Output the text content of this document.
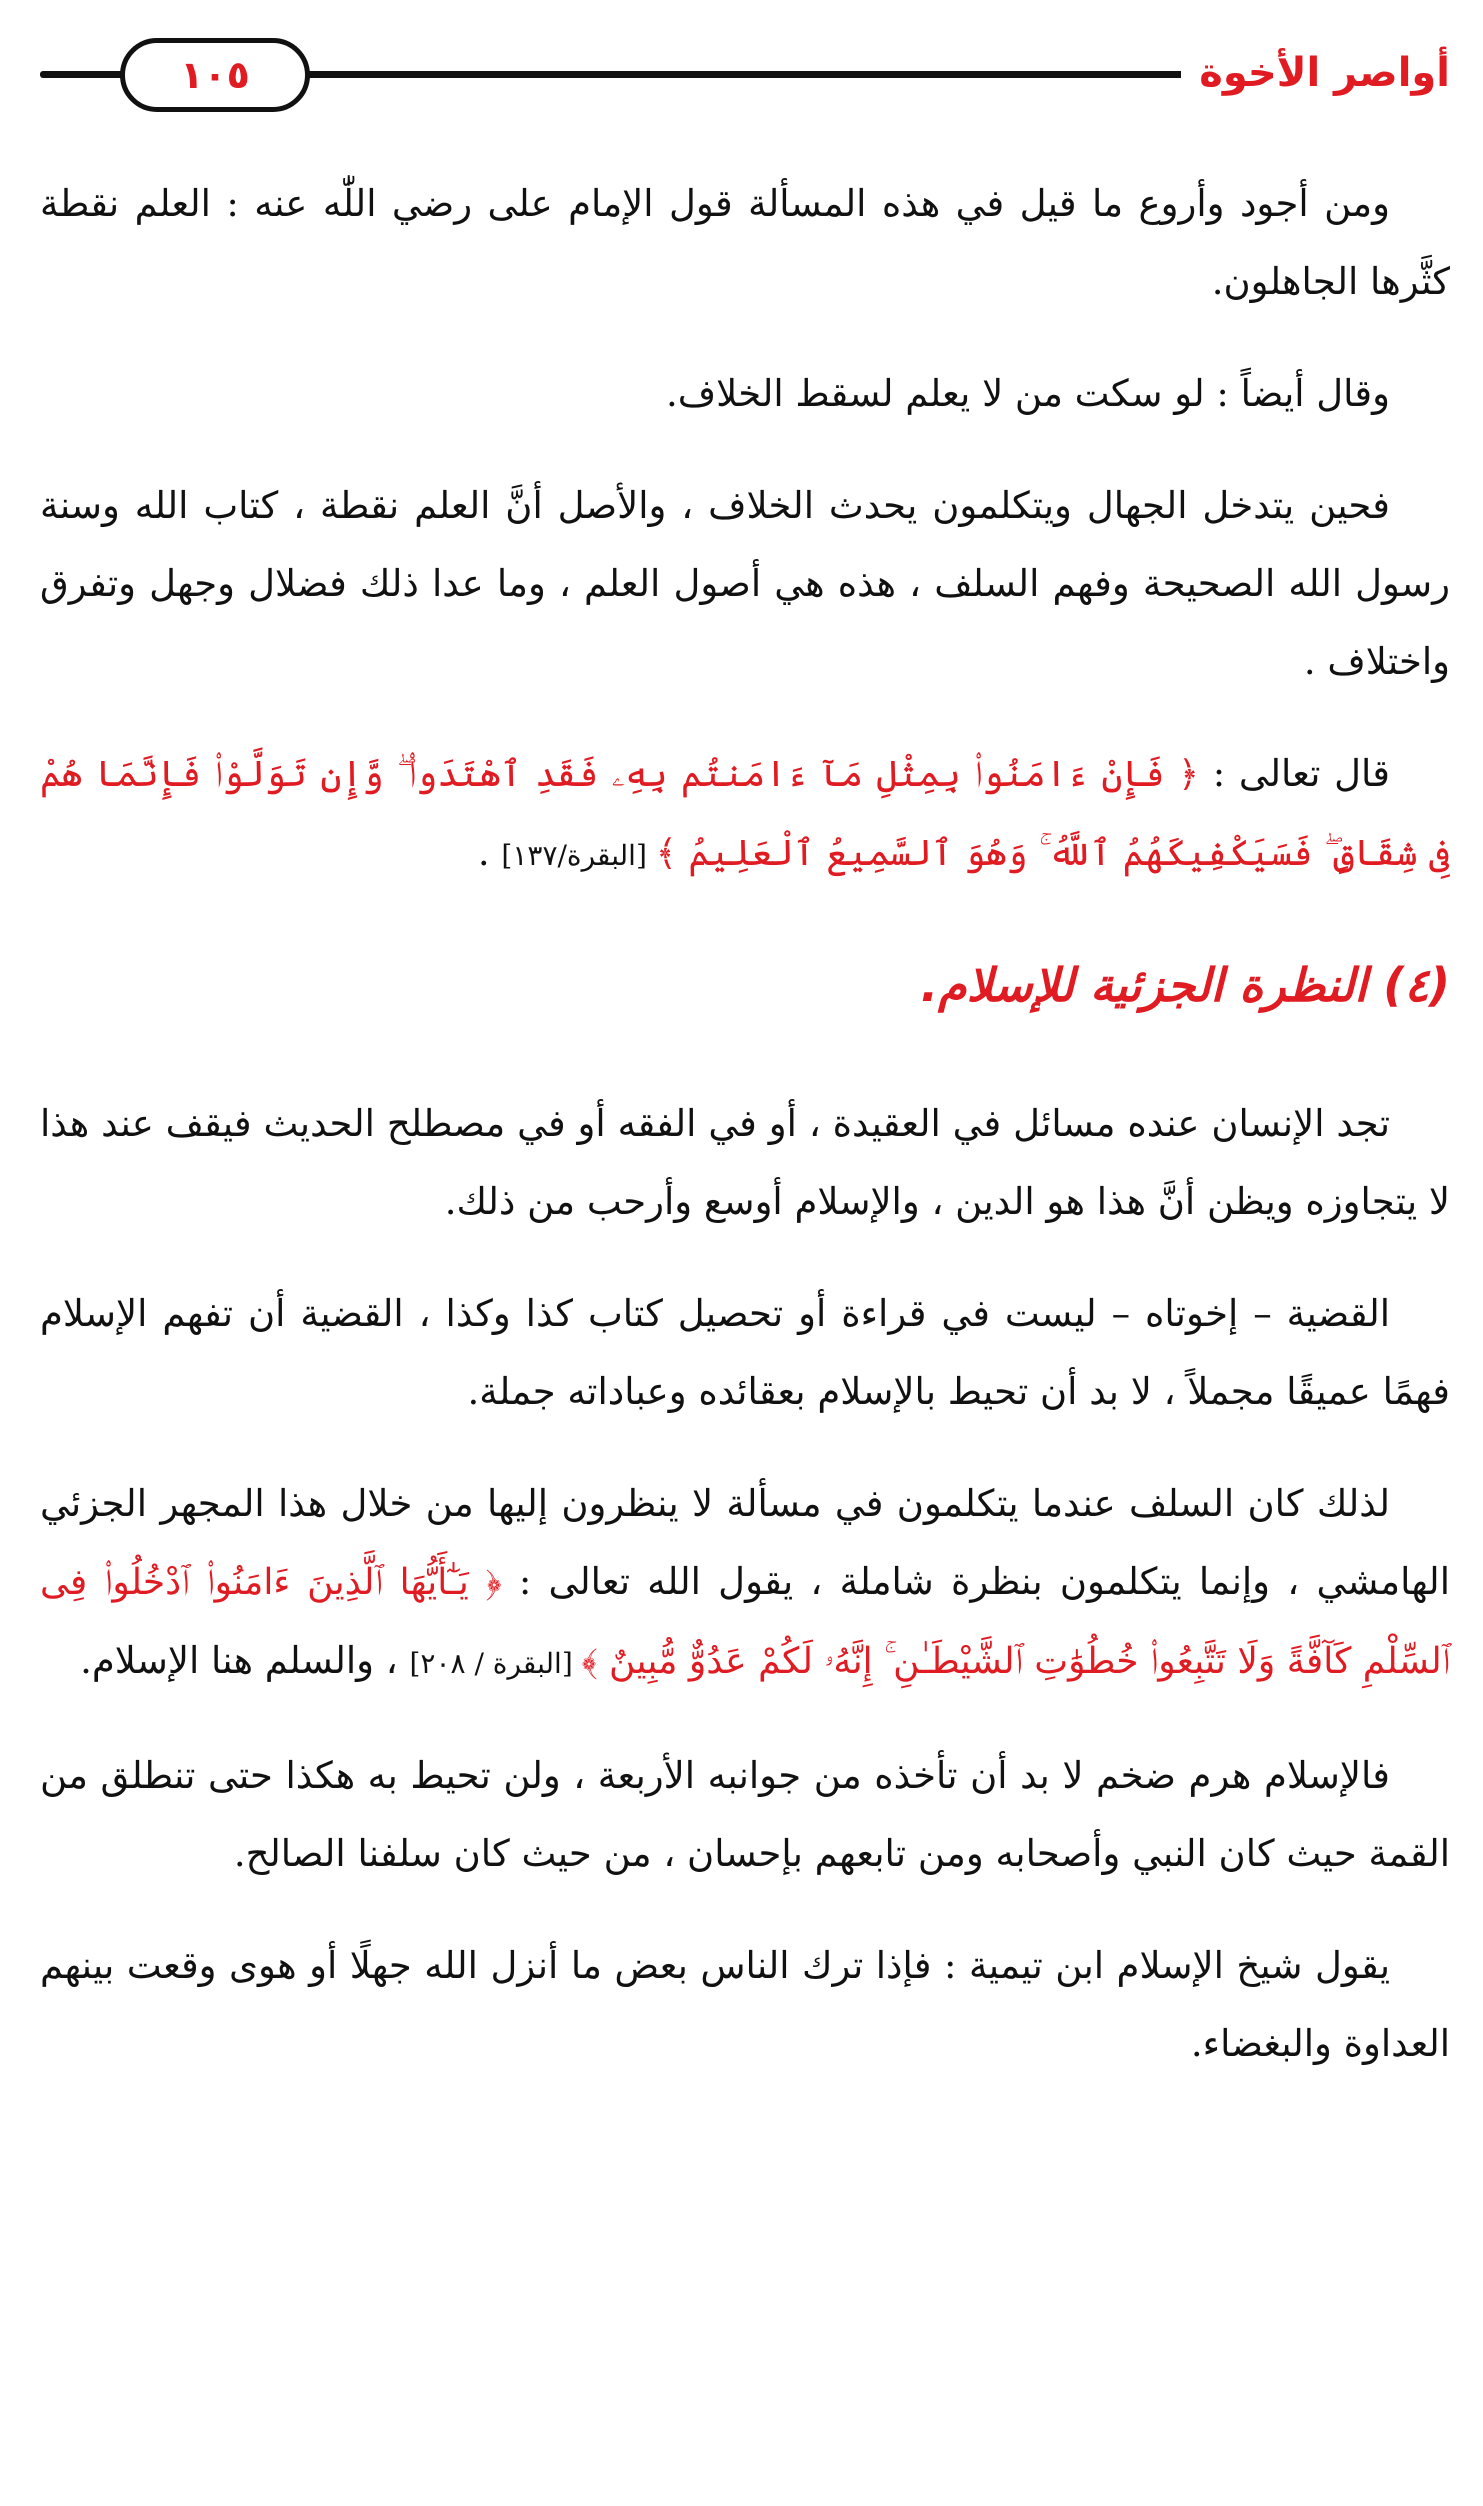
أواصر الأخوة
١٠٥

ومن أجود وأروع ما قيل في هذه المسألة قول الإمام على رضي اللّٰه عنه : العلم نقطة كثَّرها الجاهلون.

وقال أيضاً : لو سكت من لا يعلم لسقط الخلاف.

فحين يتدخل الجهال ويتكلمون يحدث الخلاف ، والأصل أنَّ العلم نقطة ، كتاب الله وسنة رسول الله الصحيحة وفهم السلف ، هذه هي أصول العلم ، وما عدا ذلك فضلال وجهل وتفرق واختلاف .

قال تعالى : ﴿ فَإِنْ ءَامَنُوا۟ بِمِثْلِ مَآ ءَامَنتُم بِهِۦ فَقَدِ ٱهْتَدَوا۟ ۖ وَّإِن تَوَلَّوْا۟ فَإِنَّمَا هُمْ فِى شِقَاقٍ ۖ فَسَيَكْفِيكَهُمُ ٱللَّهُ ۚ وَهُوَ ٱلسَّمِيعُ ٱلْعَلِيمُ ﴾ [البقرة/١٣٧] .

(٤) النظرة الجزئية للإسلام.

تجد الإنسان عنده مسائل في العقيدة ، أو في الفقه أو في مصطلح الحديث فيقف عند هذا لا يتجاوزه ويظن أنَّ هذا هو الدين ، والإسلام أوسع وأرحب من ذلك.

القضية – إخوتاه – ليست في قراءة أو تحصيل كتاب كذا وكذا ، القضية أن تفهم الإسلام فهمًا عميقًا مجملاً ، لا بد أن تحيط بالإسلام بعقائده وعباداته جملة.

لذلك كان السلف عندما يتكلمون في مسألة لا ينظرون إليها من خلال هذا المجهر الجزئي الهامشي ، وإنما يتكلمون بنظرة شاملة ، يقول الله تعالى : ﴿ يَـٰٓأَيُّهَا ٱلَّذِينَ ءَامَنُوا۟ ٱدْخُلُوا۟ فِى ٱلسِّلْمِ كَآفَّةً وَلَا تَتَّبِعُوا۟ خُطُوَٰتِ ٱلشَّيْطَـٰنِ ۚ إِنَّهُۥ لَكُمْ عَدُوٌّ مُّبِينٌ ﴾ [البقرة / ٢٠٨] ، والسلم هنا الإسلام.

فالإسلام هرم ضخم لا بد أن تأخذه من جوانبه الأربعة ، ولن تحيط به هكذا حتى تنطلق من القمة حيث كان النبي وأصحابه ومن تابعهم بإحسان ، من حيث كان سلفنا الصالح.

يقول شيخ الإسلام ابن تيمية : فإذا ترك الناس بعض ما أنزل الله جهلًا أو هوى وقعت بينهم العداوة والبغضاء.
